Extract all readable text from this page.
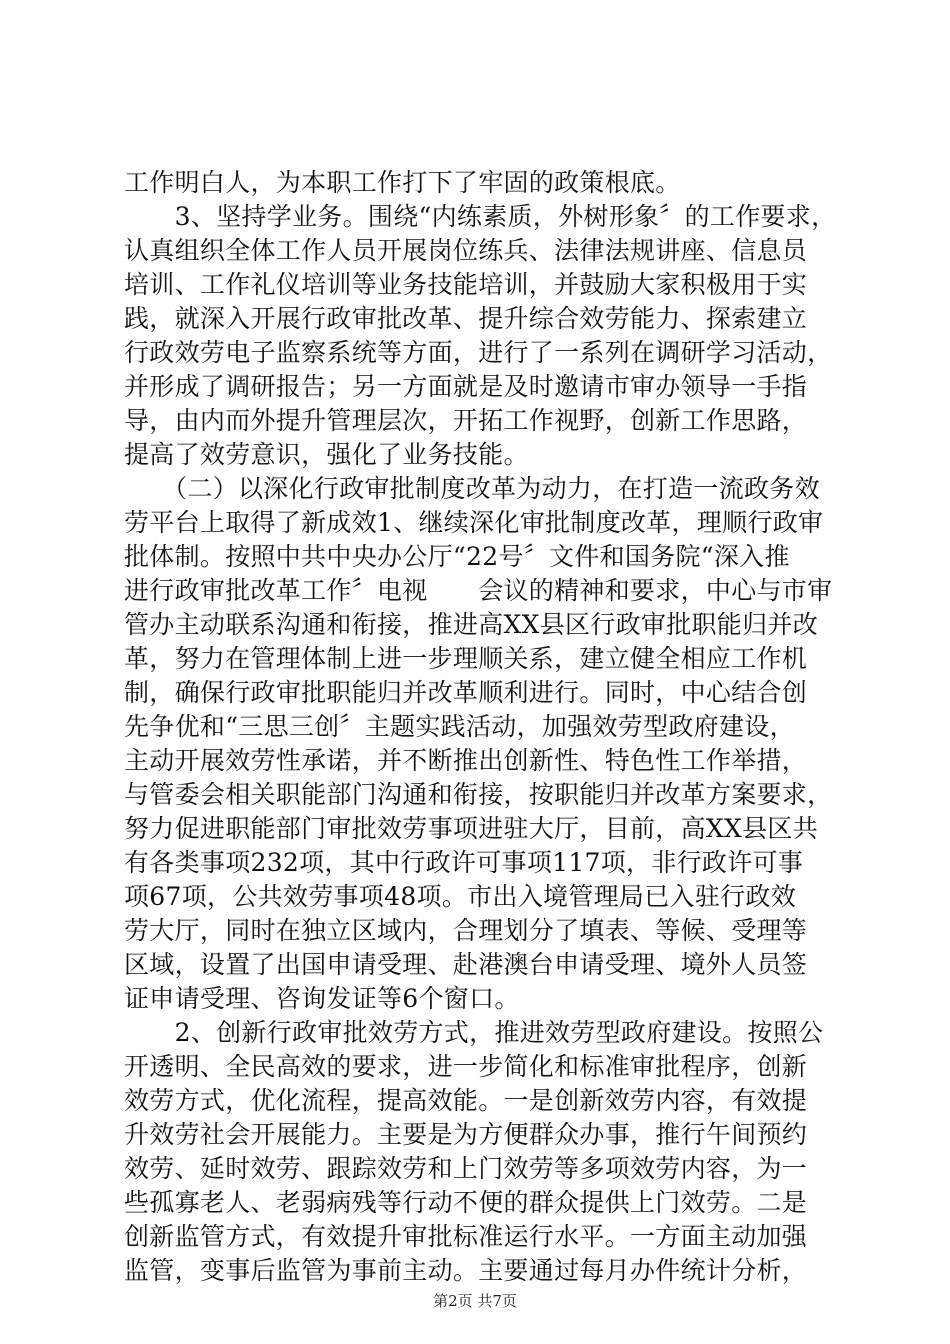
工作明白人，为本职工作打下了牢固的政策根底。
　　3、坚持学业务。围绕“内练素质，外树形象〞的工作要求，
认真组织全体工作人员开展岗位练兵、法律法规讲座、信息员
培训、工作礼仪培训等业务技能培训，并鼓励大家积极用于实
践，就深入开展行政审批改革、提升综合效劳能力、探索建立
行政效劳电子监察系统等方面，进行了一系列在调研学习活动，
并形成了调研报告；另一方面就是及时邀请市审办领导一手指
导，由内而外提升管理层次，开拓工作视野，创新工作思路，
提高了效劳意识，强化了业务技能。
　　（二）以深化行政审批制度改革为动力，在打造一流政务效
劳平台上取得了新成效1、继续深化审批制度改革，理顺行政审
批体制。按照中共中央办公厅“22号〞文件和国务院“深入推
进行政审批改革工作〞电视　　会议的精神和要求，中心与市审
管办主动联系沟通和衔接，推进高XX县区行政审批职能归并改
革，努力在管理体制上进一步理顺关系，建立健全相应工作机
制，确保行政审批职能归并改革顺利进行。同时，中心结合创
先争优和“三思三创〞主题实践活动，加强效劳型政府建设，
主动开展效劳性承诺，并不断推出创新性、特色性工作举措，
与管委会相关职能部门沟通和衔接，按职能归并改革方案要求，
努力促进职能部门审批效劳事项进驻大厅，目前，高XX县区共
有各类事项232项，其中行政许可事项117项，非行政许可事
项67项，公共效劳事项48项。市出入境管理局已入驻行政效
劳大厅，同时在独立区域内，合理划分了填表、等候、受理等
区域，设置了出国申请受理、赴港澳台申请受理、境外人员签
证申请受理、咨询发证等6个窗口。
　　2、创新行政审批效劳方式，推进效劳型政府建设。按照公
开透明、全民高效的要求，进一步简化和标准审批程序，创新
效劳方式，优化流程，提高效能。一是创新效劳内容，有效提
升效劳社会开展能力。主要是为方便群众办事，推行午间预约
效劳、延时效劳、跟踪效劳和上门效劳等多项效劳内容，为一
些孤寡老人、老弱病残等行动不便的群众提供上门效劳。二是
创新监管方式，有效提升审批标准运行水平。一方面主动加强
监管，变事后监管为事前主动。主要通过每月办件统计分析，
第2页 共7页
